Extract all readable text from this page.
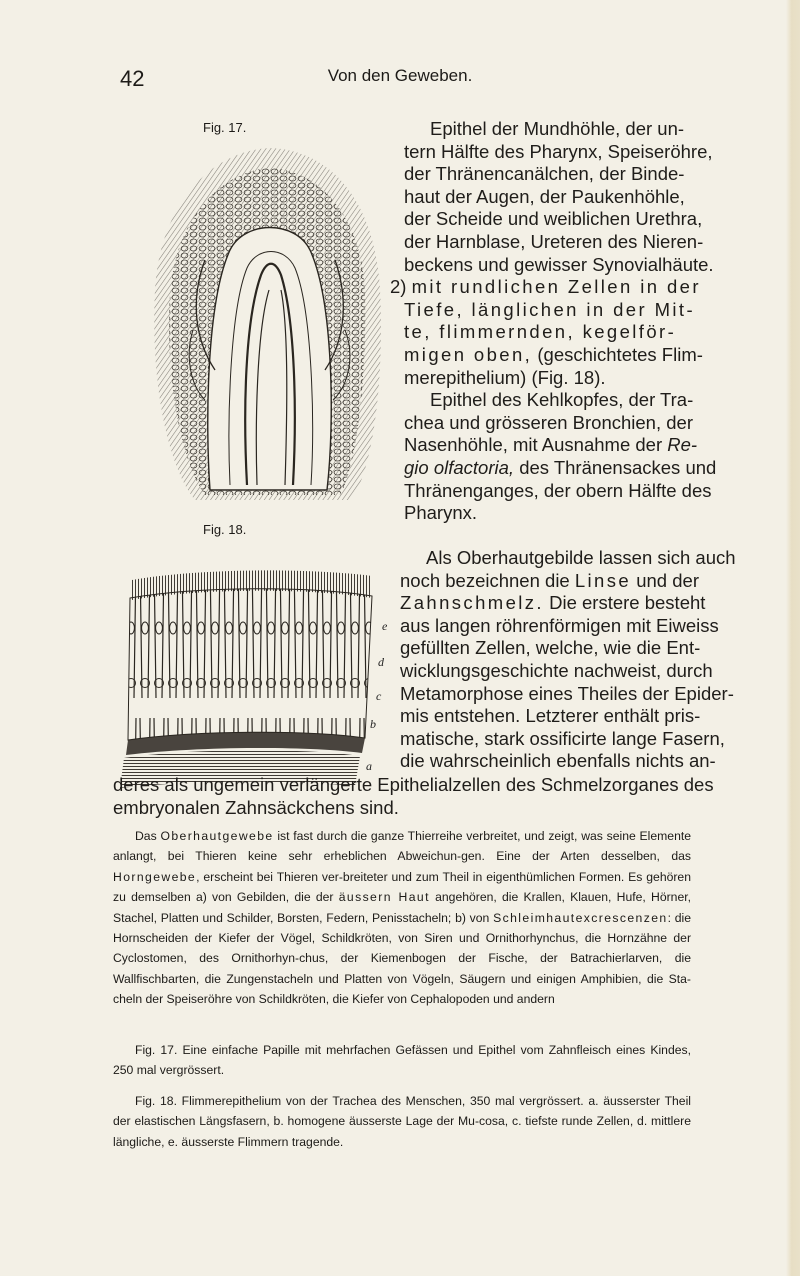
42	Von den Geweben.
Fig. 17.
Fig. 18.
e
d
c
b
a

Epithel der Mundhöhle, der un-

tern Hälfte des Pharynx, Speiseröhre,

der Thränencanälchen, der Binde-

haut der Augen, der Paukenhöhle,

der Scheide und weiblichen Urethra,

der Harnblase, Ureteren des Nieren-

beckens und gewisser Synovialhäute.

2) mit rundlichen Zellen in der

Tiefe, länglichen in der Mit-

te, flimmernden, kegelför-

migen oben, (geschichtetes Flim-

merepithelium) (Fig. 18).

Epithel des Kehlkopfes, der Tra-

chea und grösseren Bronchien, der

Nasenhöhle, mit Ausnahme der Re-

gio olfactoria, des Thränensackes und

Thränenganges, der obern Hälfte des

Pharynx.

Als Oberhautgebilde lassen sich auch

noch bezeichnen die Linse und der

Zahnschmelz. Die erstere besteht

aus langen röhrenförmigen mit Eiweiss

gefüllten Zellen, welche, wie die Ent-

wicklungsgeschichte nachweist, durch

Metamorphose eines Theiles der Epider-

mis entstehen. Letzterer enthält pris-

matische, stark ossificirte lange Fasern,

die wahrscheinlich ebenfalls nichts an-

deres als ungemein verlängerte Epithelialzellen des Schmelzorganes des

embryonalen Zahnsäckchens sind.

Das Oberhautgewebe ist fast durch die ganze Thierreihe verbreitet, und zeigt, was seine Elemente anlangt, bei Thieren keine sehr erheblichen Abweichun-gen. Eine der Arten desselben, das Horngewebe, erscheint bei Thieren ver-breiteter und zum Theil in eigenthümlichen Formen. Es gehören zu demselben a) von Gebilden, die der äussern Haut angehören, die Krallen, Klauen, Hufe, Hörner, Stachel, Platten und Schilder, Borsten, Federn, Penisstacheln; b) von Schleimhautexcrescenzen: die Hornscheiden der Kiefer der Vögel, Schildkröten, von Siren und Ornithorhynchus, die Hornzähne der Cyclostomen, des Ornithorhyn-chus, der Kiemenbogen der Fische, der Batrachierlarven, die Wallfischbarten, die Zungenstacheln und Platten von Vögeln, Säugern und einigen Amphibien, die Sta-cheln der Speiseröhre von Schildkröten, die Kiefer von Cephalopoden und andern

Fig. 17. Eine einfache Papille mit mehrfachen Gefässen und Epithel vom Zahnfleisch eines Kindes, 250 mal vergrössert.

Fig. 18. Flimmerepithelium von der Trachea des Menschen, 350 mal vergrössert. a. äusserster Theil der elastischen Längsfasern, b. homogene äusserste Lage der Mu-cosa, c. tiefste runde Zellen, d. mittlere längliche, e. äusserste Flimmern tragende.
